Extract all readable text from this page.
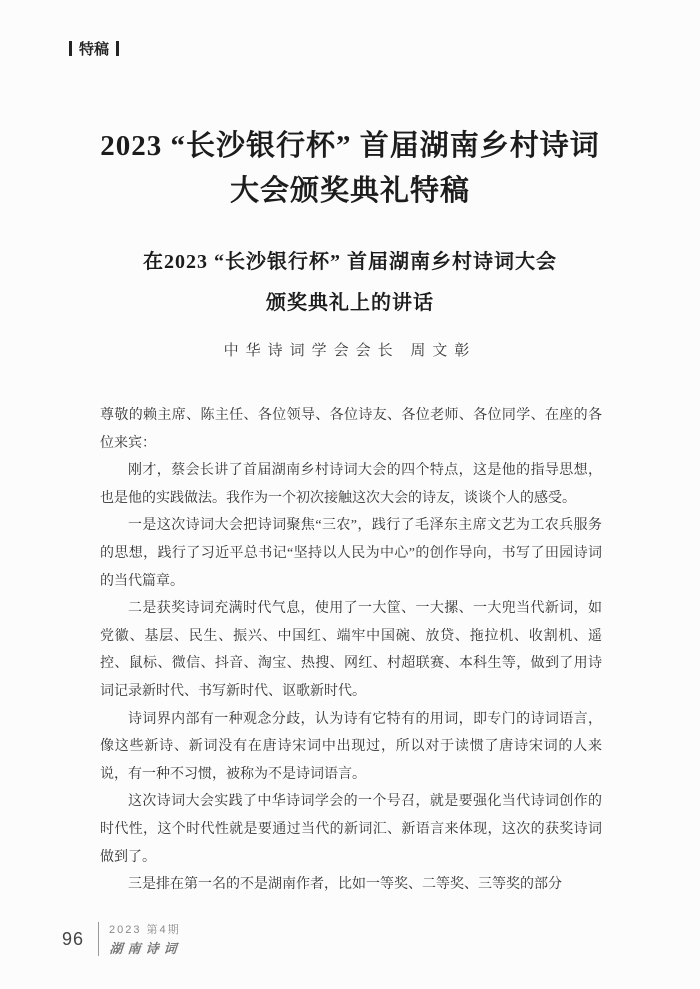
特稿
2023 “长沙银行杯” 首届湖南乡村诗词
大会颁奖典礼特稿
在2023 “长沙银行杯” 首届湖南乡村诗词大会
颁奖典礼上的讲话
中华诗词学会会长 周文彰

尊敬的赖主席、陈主任、各位领导、各位诗友、各位老师、各位同学、在座的各位来宾：

刚才，蔡会长讲了首届湖南乡村诗词大会的四个特点，这是他的指导思想，也是他的实践做法。我作为一个初次接触这次大会的诗友，谈谈个人的感受。

一是这次诗词大会把诗词聚焦“三农”，践行了毛泽东主席文艺为工农兵服务的思想，践行了习近平总书记“坚持以人民为中心”的创作导向，书写了田园诗词的当代篇章。

二是获奖诗词充满时代气息，使用了一大筐、一大摞、一大兜当代新词，如党徽、基层、民生、振兴、中国红、端牢中国碗、放贷、拖拉机、收割机、遥控、鼠标、微信、抖音、淘宝、热搜、网红、村超联赛、本科生等，做到了用诗词记录新时代、书写新时代、讴歌新时代。

诗词界内部有一种观念分歧，认为诗有它特有的用词，即专门的诗词语言，像这些新诗、新词没有在唐诗宋词中出现过，所以对于读惯了唐诗宋词的人来说，有一种不习惯，被称为不是诗词语言。

这次诗词大会实践了中华诗词学会的一个号召，就是要强化当代诗词创作的时代性，这个时代性就是要通过当代的新词汇、新语言来体现，这次的获奖诗词做到了。

三是排在第一名的不是湖南作者，比如一等奖、二等奖、三等奖的部分

96 2023 第4期
湖南诗词
